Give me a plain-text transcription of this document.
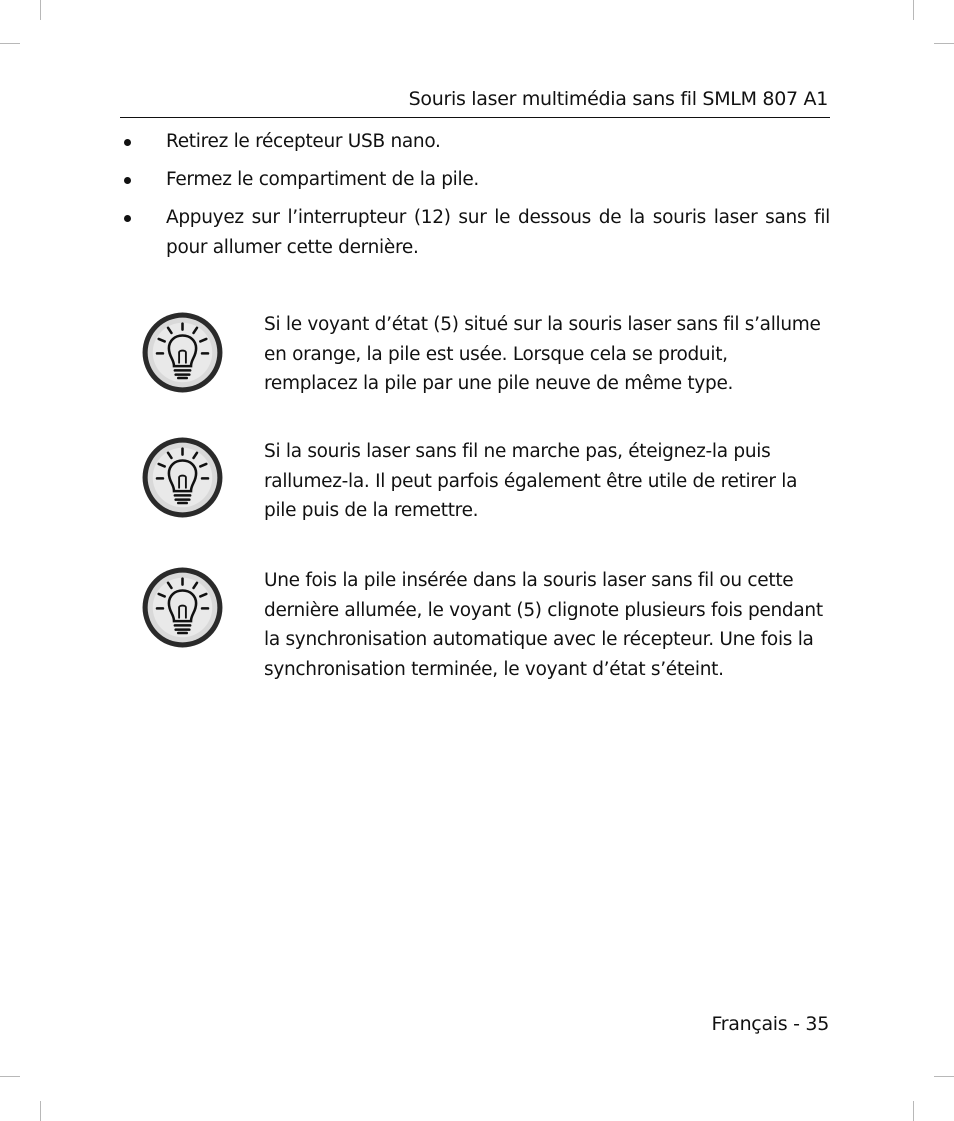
Souris laser multimédia sans fil SMLM 807 A1
Retirez le récepteur USB nano.
Fermez le compartiment de la pile.
Appuyez sur l’interrupteur (12) sur le dessous de la souris laser sans fil pour allumer cette dernière.
Si le voyant d’état (5) situé sur la souris laser sans fil s’allume
en orange, la pile est usée. Lorsque cela se produit,
remplacez la pile par une pile neuve de même type.
Si la souris laser sans fil ne marche pas, éteignez-la puis
rallumez-la. Il peut parfois également être utile de retirer la
pile puis de la remettre.
Une fois la pile insérée dans la souris laser sans fil ou cette
dernière allumée, le voyant (5) clignote plusieurs fois pendant
la synchronisation automatique avec le récepteur. Une fois la
synchronisation terminée, le voyant d’état s’éteint.
Français - 35
